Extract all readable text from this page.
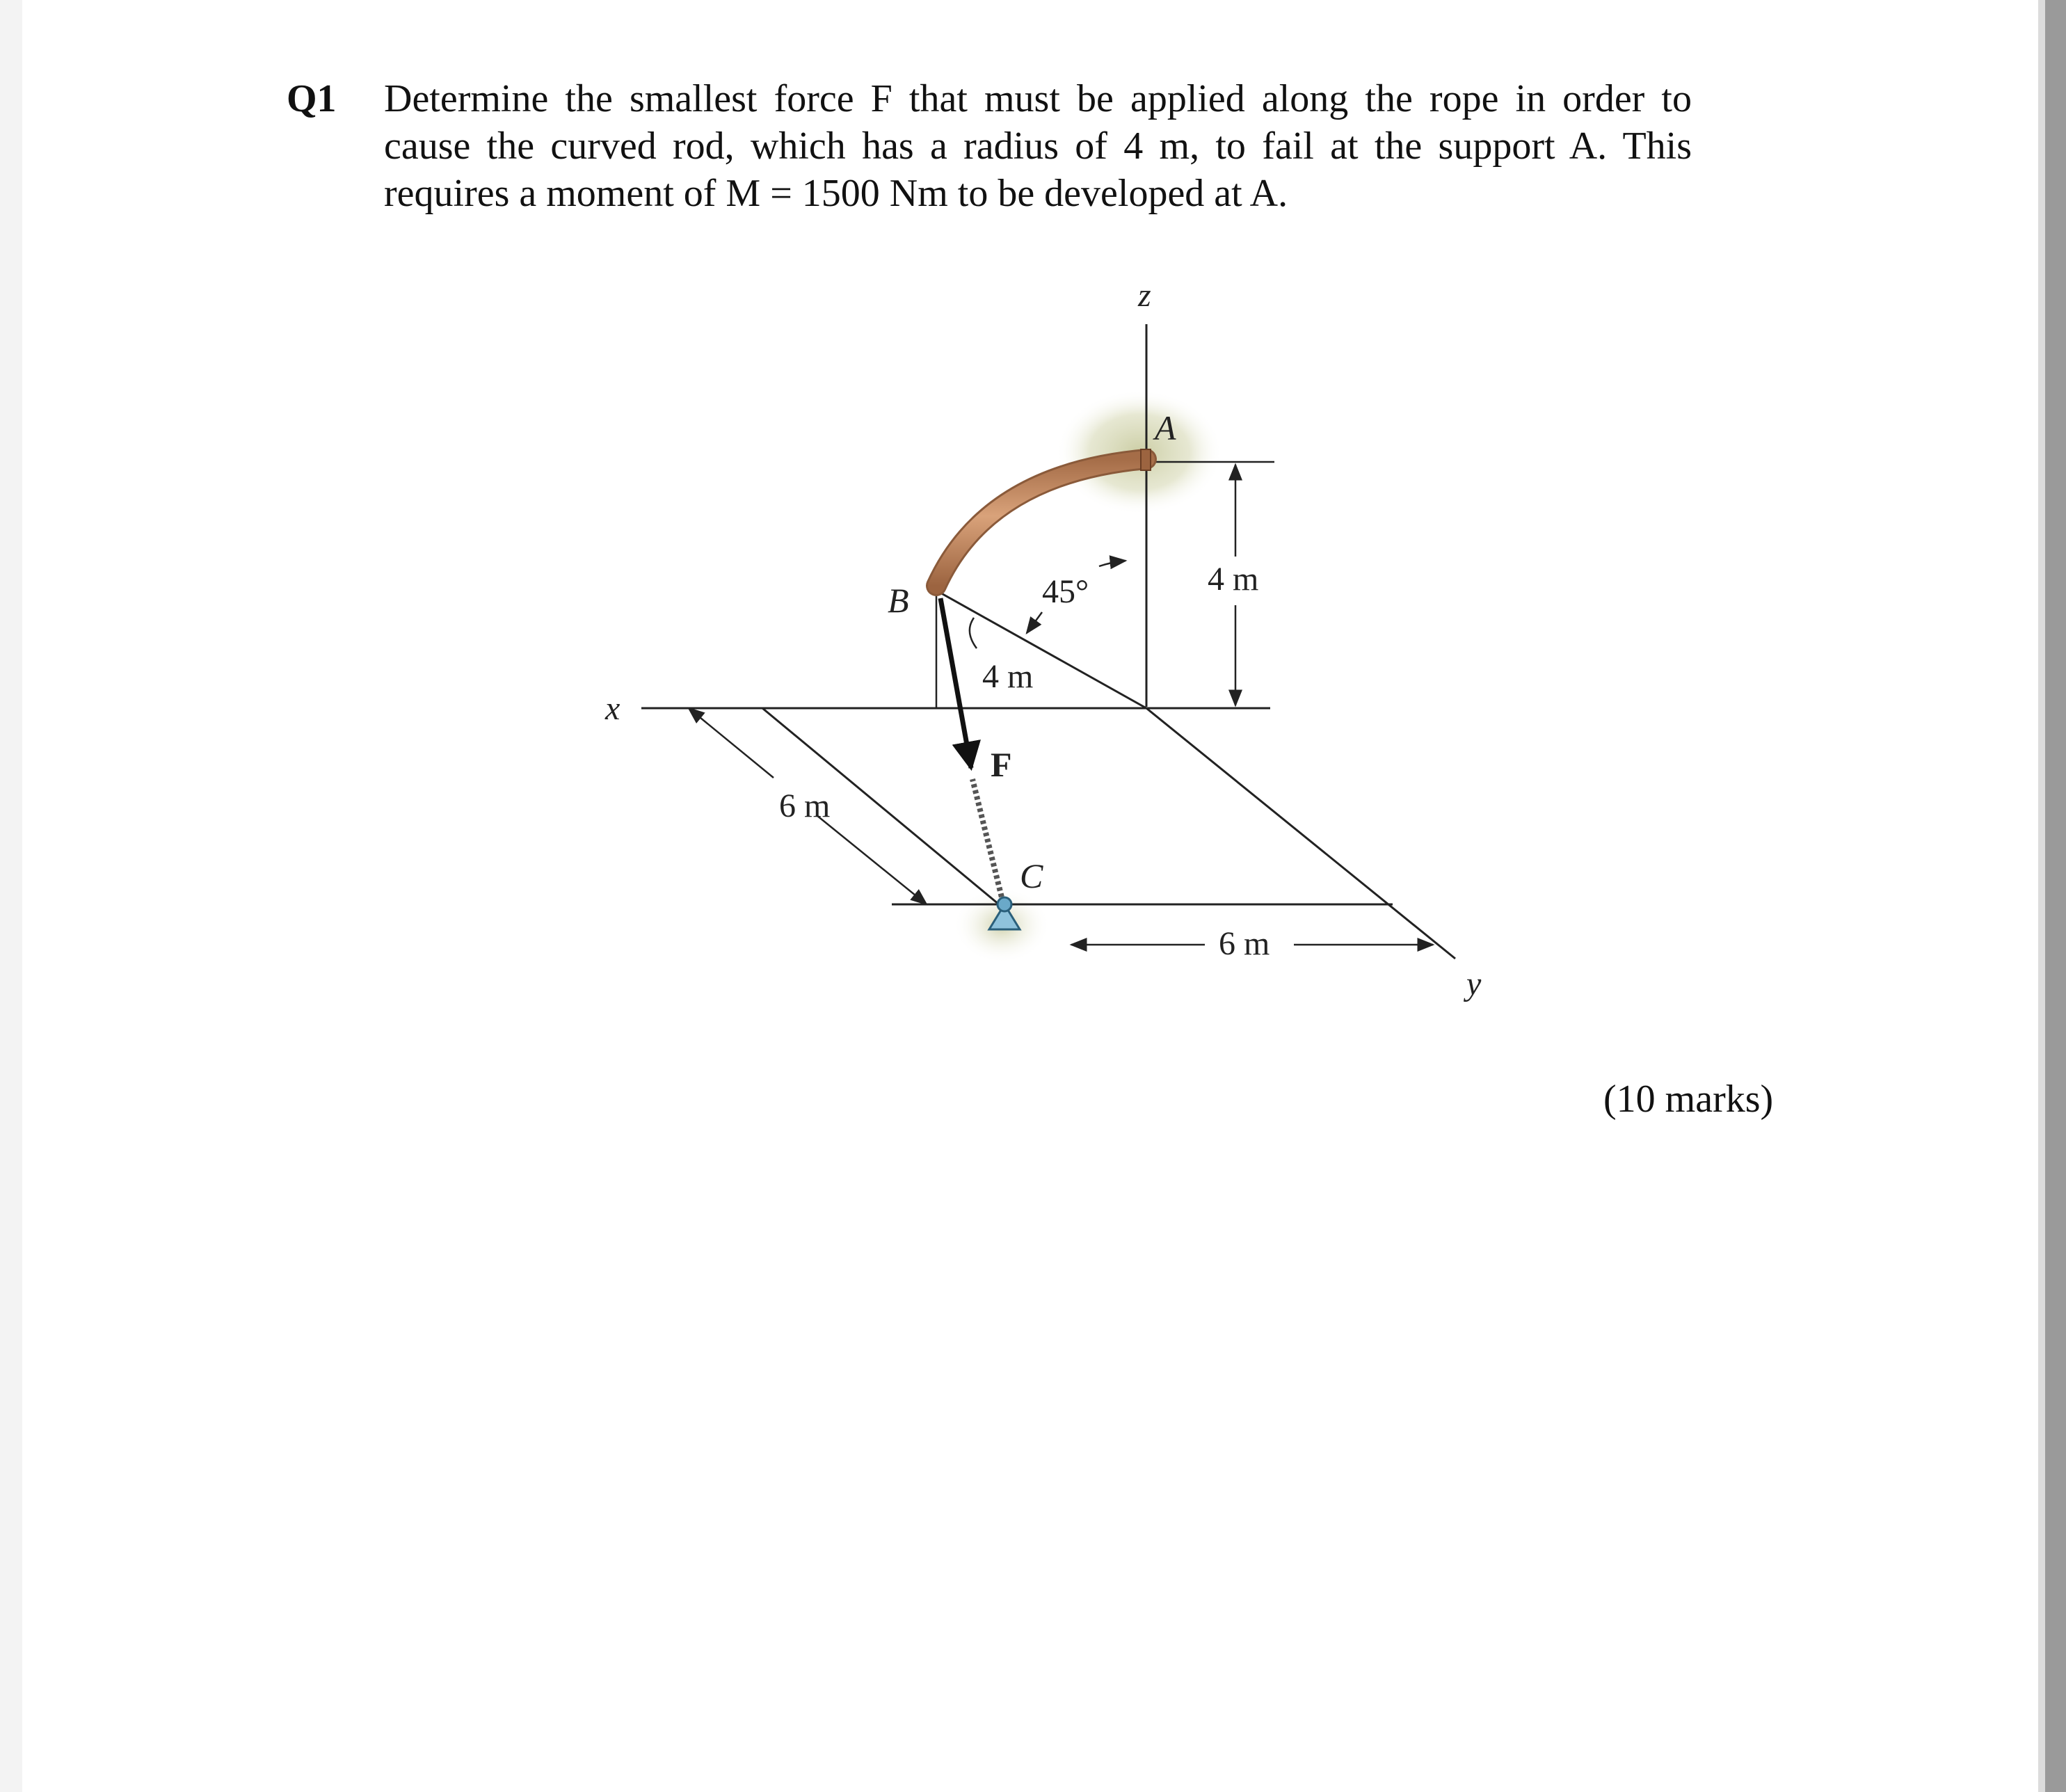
Q1 Determine the smallest force F that must be applied along the rope in order to
cause the curved rod, which has a radius of 4 m, to fail at the support A. This
requires a moment of M = 1500 Nm to be developed at A.
z
x
y
A
B
C
F
45°
4 m
4 m
6 m
6 m
(10 marks)
